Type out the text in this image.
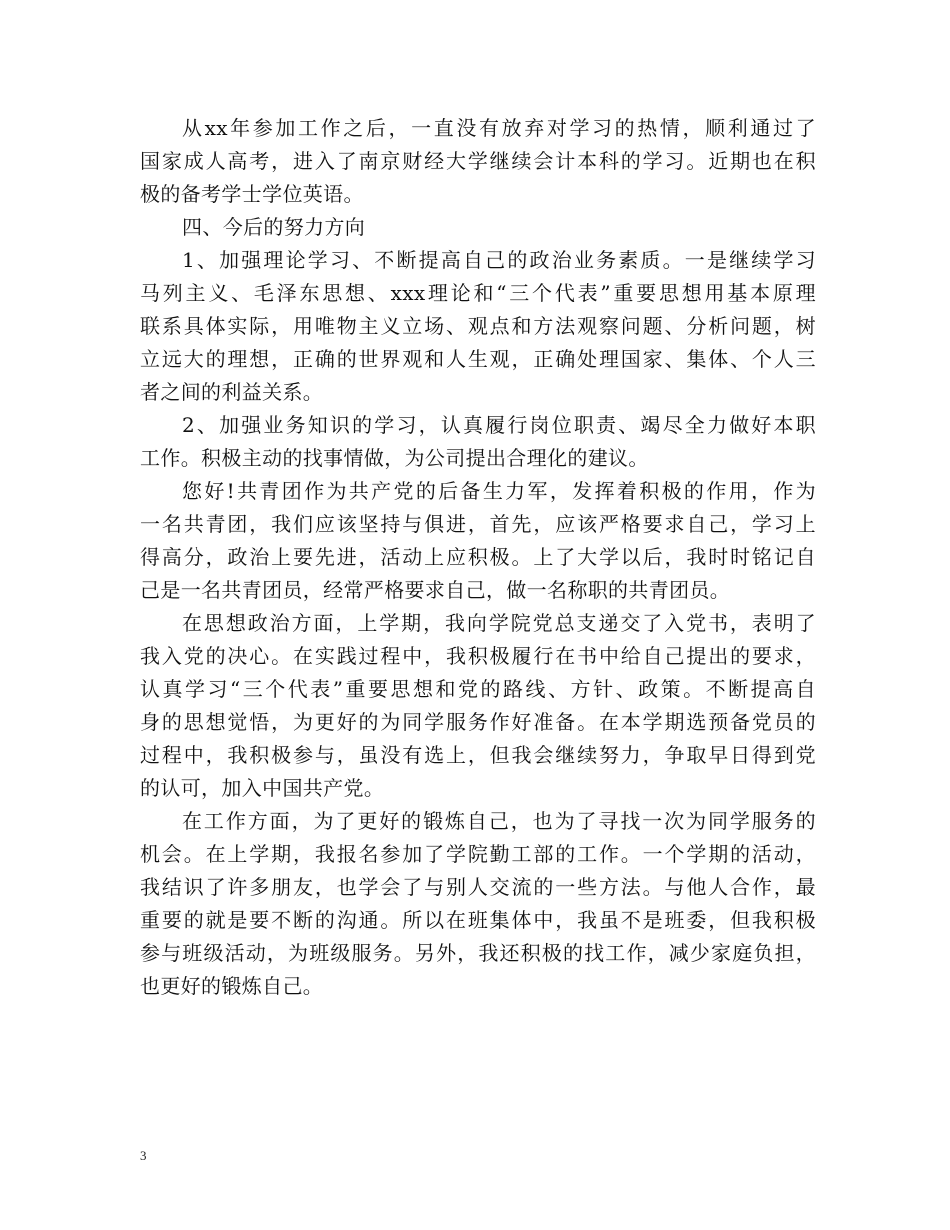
从xx年参加工作之后，一直没有放弃对学习的热情，顺利通过了
国家成人高考，进入了南京财经大学继续会计本科的学习。近期也在积
极的备考学士学位英语。

四、今后的努力方向

1、加强理论学习、不断提高自己的政治业务素质。一是继续学习
马列主义、毛泽东思想、xxx理论和“三个代表”重要思想用基本原理
联系具体实际，用唯物主义立场、观点和方法观察问题、分析问题，树
立远大的理想，正确的世界观和人生观，正确处理国家、集体、个人三
者之间的利益关系。

2、加强业务知识的学习，认真履行岗位职责、竭尽全力做好本职
工作。积极主动的找事情做，为公司提出合理化的建议。

您好!共青团作为共产党的后备生力军，发挥着积极的作用，作为
一名共青团，我们应该坚持与俱进，首先，应该严格要求自己，学习上
得高分，政治上要先进，活动上应积极。上了大学以后，我时时铭记自
己是一名共青团员，经常严格要求自己，做一名称职的共青团员。

在思想政治方面，上学期，我向学院党总支递交了入党书，表明了
我入党的决心。在实践过程中，我积极履行在书中给自己提出的要求，
认真学习“三个代表”重要思想和党的路线、方针、政策。不断提高自
身的思想觉悟，为更好的为同学服务作好准备。在本学期选预备党员的
过程中，我积极参与，虽没有选上，但我会继续努力，争取早日得到党
的认可，加入中国共产党。

在工作方面，为了更好的锻炼自己，也为了寻找一次为同学服务的
机会。在上学期，我报名参加了学院勤工部的工作。一个学期的活动，
我结识了许多朋友，也学会了与别人交流的一些方法。与他人合作，最
重要的就是要不断的沟通。所以在班集体中，我虽不是班委，但我积极
参与班级活动，为班级服务。另外，我还积极的找工作，减少家庭负担，
也更好的锻炼自己。

3
